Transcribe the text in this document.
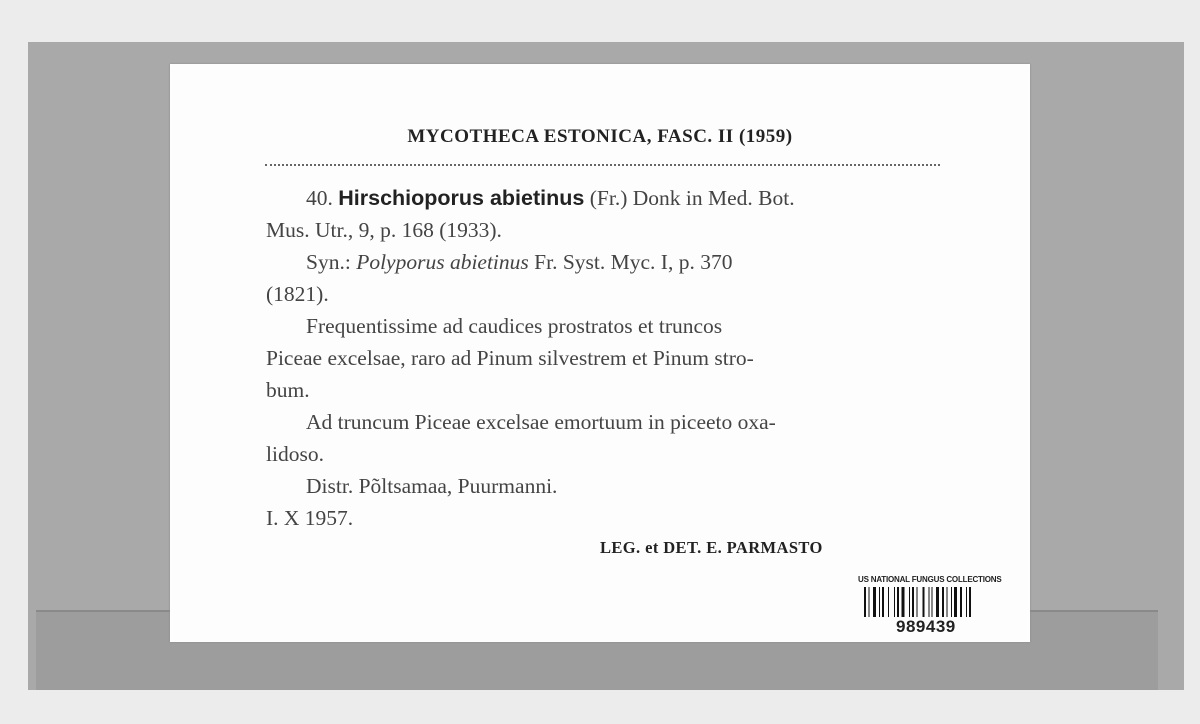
MYCOTHECA ESTONICA, FASC. II (1959)

40. Hirschioporus abietinus (Fr.) Donk in Med. Bot.

Mus. Utr., 9, p. 168 (1933).

Syn.: Polyporus abietinus Fr. Syst. Myc. I, p. 370

(1821).

Frequentissime ad caudices prostratos et truncos

Piceae excelsae, raro ad Pinum silvestrem et Pinum stro-

bum.

Ad truncum Piceae excelsae emortuum in piceeto oxa-

lidoso.

Distr. Põltsamaa, Puurmanni.

I. X 1957.

LEG. et DET. E. PARMASTO
US NATIONAL FUNGUS COLLECTIONS
989439
